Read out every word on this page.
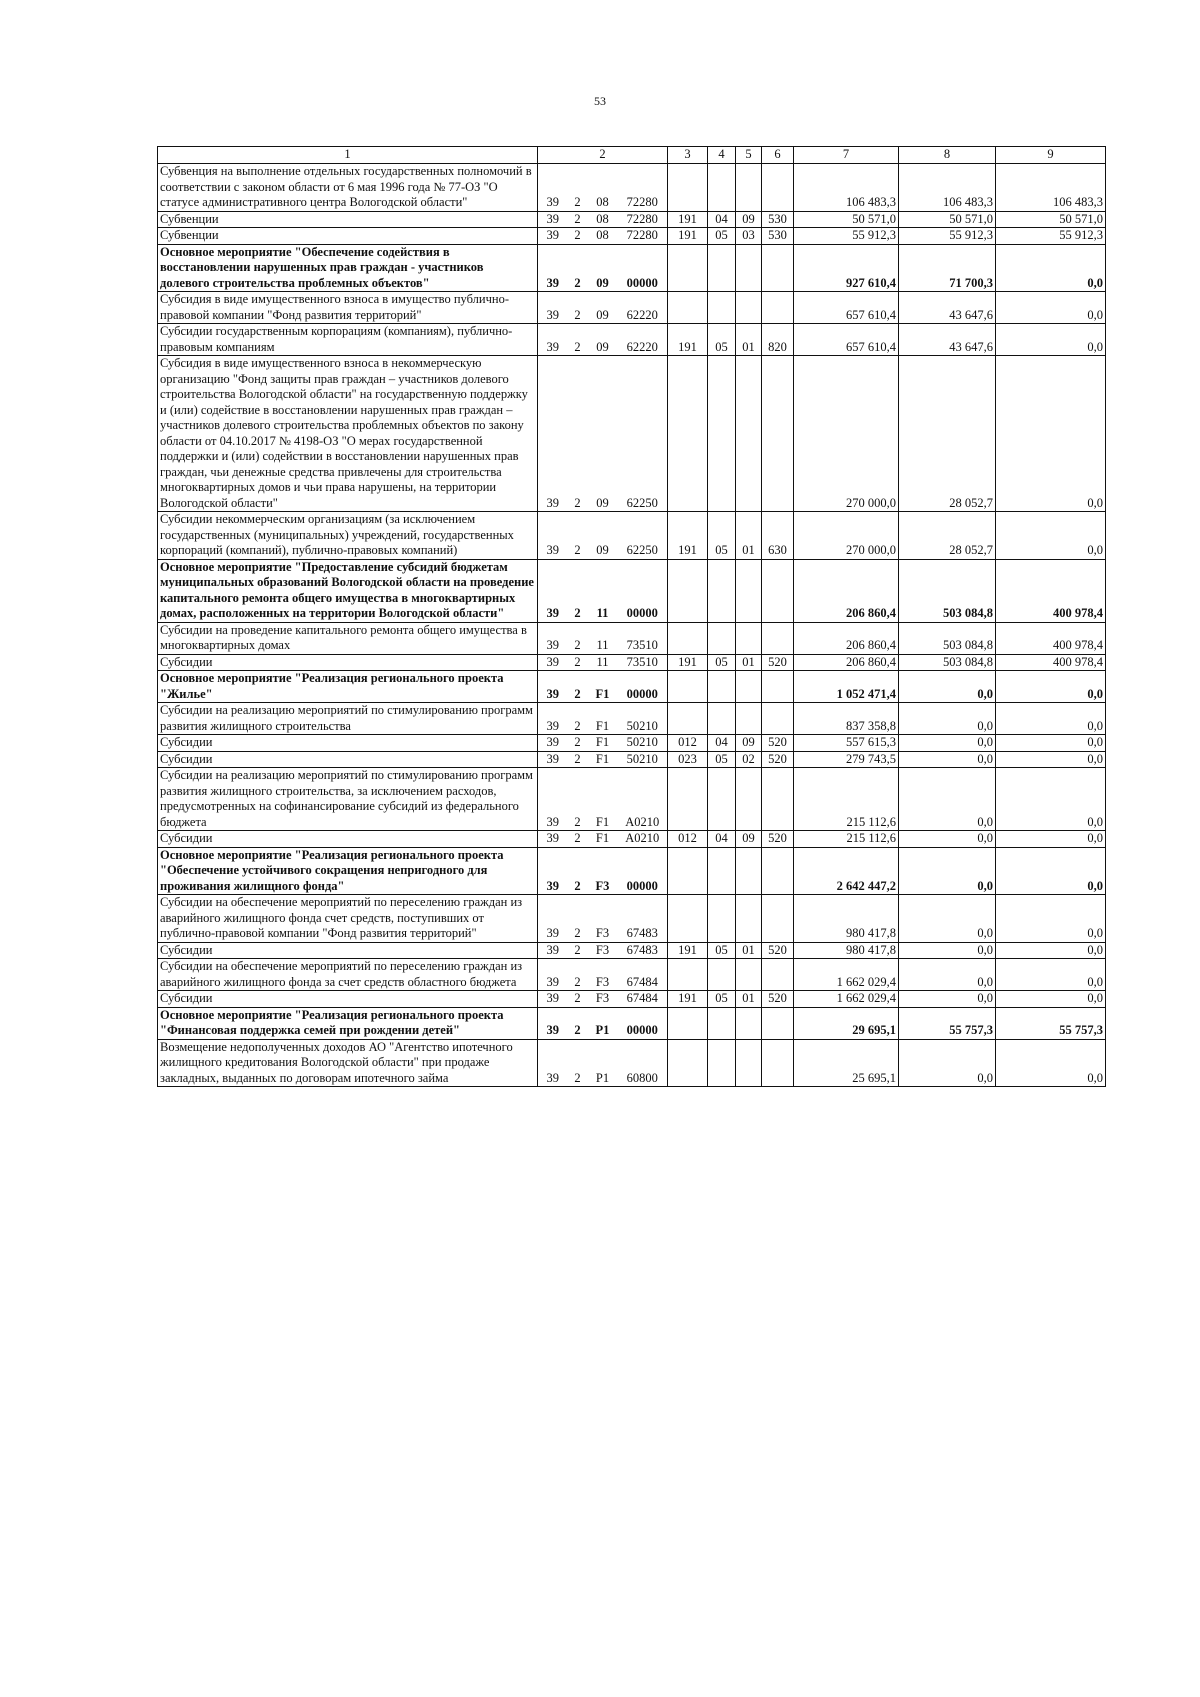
53
1	2				3	4	5	6	7	8	9
Субвенция на выполнение отдельных государственных полномочий в соответствии с законом области от 6 мая 1996 года № 77-ОЗ "О статусе административного центра Вологодской области"	39	2	08	72280					106 483,3	106 483,3	106 483,3
Субвенции	39	2	08	72280	191	04	09	530	50 571,0	50 571,0	50 571,0
Субвенции	39	2	08	72280	191	05	03	530	55 912,3	55 912,3	55 912,3
Основное мероприятие "Обеспечение содействия в восстановлении нарушенных прав граждан - участников долевого строительства проблемных объектов"	39	2	09	00000					927 610,4	71 700,3	0,0
Субсидия в виде имущественного взноса в имущество публично-правовой компании "Фонд развития территорий"	39	2	09	62220					657 610,4	43 647,6	0,0
Субсидии государственным корпорациям (компаниям), публично-правовым компаниям	39	2	09	62220	191	05	01	820	657 610,4	43 647,6	0,0
Субсидия в виде имущественного взноса в некоммерческую организацию "Фонд защиты прав граждан – участников долевого строительства Вологодской области" на государственную поддержку и (или) содействие в восстановлении нарушенных прав граждан – участников долевого строительства проблемных объектов по закону области от 04.10.2017 № 4198-ОЗ "О мерах государственной поддержки и (или) содействии в восстановлении нарушенных прав граждан, чьи денежные средства привлечены для строительства многоквартирных домов и чьи права нарушены, на территории Вологодской области"	39	2	09	62250					270 000,0	28 052,7	0,0
Субсидии некоммерческим организациям (за исключением государственных (муниципальных) учреждений, государственных корпораций (компаний), публично-правовых компаний)	39	2	09	62250	191	05	01	630	270 000,0	28 052,7	0,0
Основное мероприятие "Предоставление субсидий бюджетам муниципальных образований Вологодской области на проведение капитального ремонта общего имущества в многоквартирных домах, расположенных на территории Вологодской области"	39	2	11	00000					206 860,4	503 084,8	400 978,4
Субсидии на проведение капитального ремонта общего имущества в многоквартирных домах	39	2	11	73510					206 860,4	503 084,8	400 978,4
Субсидии	39	2	11	73510	191	05	01	520	206 860,4	503 084,8	400 978,4
Основное мероприятие "Реализация регионального проекта "Жилье"	39	2	F1	00000					1 052 471,4	0,0	0,0
Субсидии на реализацию мероприятий по стимулированию программ развития жилищного строительства	39	2	F1	50210					837 358,8	0,0	0,0
Субсидии	39	2	F1	50210	012	04	09	520	557 615,3	0,0	0,0
Субсидии	39	2	F1	50210	023	05	02	520	279 743,5	0,0	0,0
Субсидии на реализацию мероприятий по стимулированию программ развития жилищного строительства, за исключением расходов, предусмотренных на софинансирование субсидий из федерального бюджета	39	2	F1	A0210					215 112,6	0,0	0,0
Субсидии	39	2	F1	A0210	012	04	09	520	215 112,6	0,0	0,0
Основное мероприятие "Реализация регионального проекта "Обеспечение устойчивого сокращения непригодного для проживания жилищного фонда"	39	2	F3	00000					2 642 447,2	0,0	0,0
Субсидии на обеспечение мероприятий по переселению граждан из аварийного жилищного фонда счет средств, поступивших от публично-правовой компании "Фонд развития территорий"	39	2	F3	67483					980 417,8	0,0	0,0
Субсидии	39	2	F3	67483	191	05	01	520	980 417,8	0,0	0,0
Субсидии на обеспечение мероприятий по переселению граждан из аварийного жилищного фонда за счет средств областного бюджета	39	2	F3	67484					1 662 029,4	0,0	0,0
Субсидии	39	2	F3	67484	191	05	01	520	1 662 029,4	0,0	0,0
Основное мероприятие "Реализация регионального проекта "Финансовая поддержка семей при рождении детей"	39	2	P1	00000					29 695,1	55 757,3	55 757,3
Возмещение недополученных доходов АО "Агентство ипотечного жилищного кредитования Вологодской области" при продаже закладных, выданных по договорам ипотечного займа	39	2	P1	60800					25 695,1	0,0	0,0
